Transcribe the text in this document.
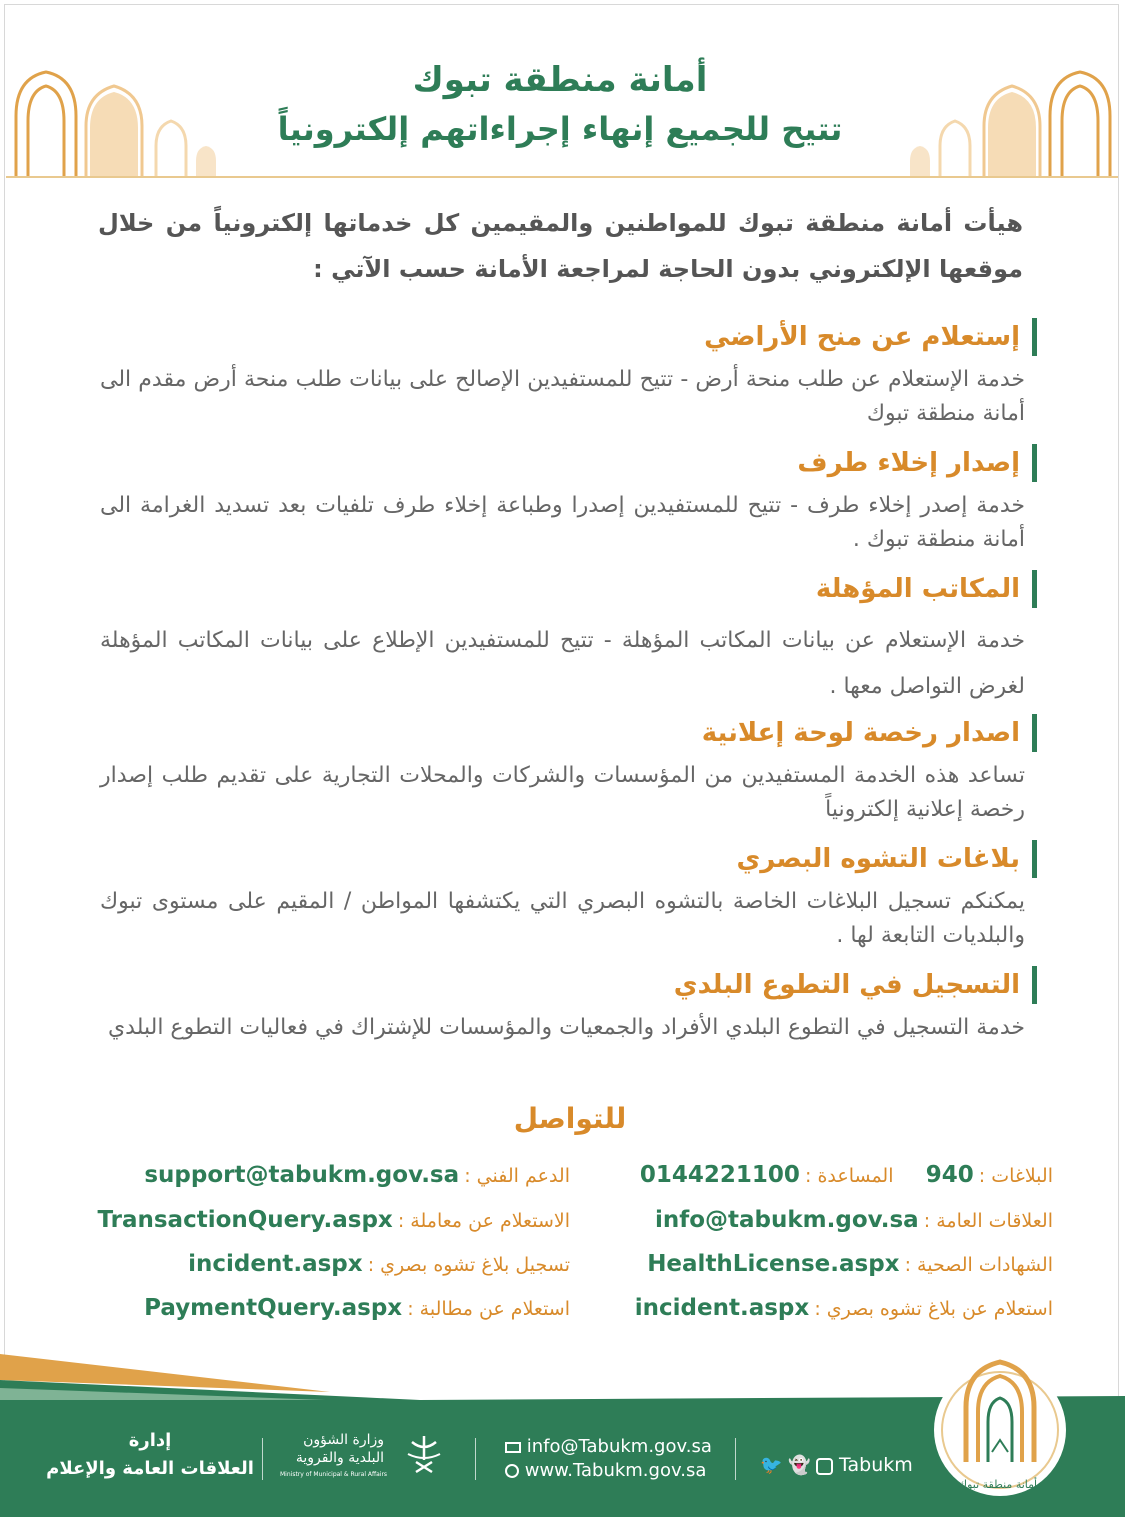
أمانة منطقة تبوك
تتيح للجميع إنهاء إجراءاتهم إلكترونياً
هيأت أمانة منطقة تبوك للمواطنين والمقيمين كل خدماتها إلكترونياً من خلال موقعها الإلكتروني بدون الحاجة لمراجعة الأمانة حسب الآتي :
إستعلام عن منح الأراضي
خدمة الإستعلام عن طلب منحة أرض - تتيح للمستفيدين الإصالح على بيانات طلب منحة أرض مقدم الى أمانة منطقة تبوك
إصدار إخلاء طرف
خدمة إصدر إخلاء طرف - تتيح للمستفيدين إصدرا وطباعة إخلاء طرف تلفيات بعد تسديد الغرامة الى أمانة منطقة تبوك .
المكاتب المؤهلة
خدمة الإستعلام عن بيانات المكاتب المؤهلة - تتيح للمستفيدين الإطلاع على بيانات المكاتب المؤهلة لغرض التواصل معها .
اصدار رخصة لوحة إعلانية
تساعد هذه الخدمة المستفيدين من المؤسسات والشركات والمحلات التجارية على تقديم طلب إصدار رخصة إعلانية إلكترونياً
بلاغات التشوه البصري
يمكنكم تسجيل البلاغات الخاصة بالتشوه البصري التي يكتشفها المواطن / المقيم على مستوى تبوك والبلديات التابعة لها .
التسجيل في التطوع البلدي
خدمة التسجيل في التطوع البلدي الأفراد والجمعيات والمؤسسات للإشتراك في فعاليات التطوع البلدي
للتواصل
البلاغات : 940  المساعدة : 0144221100
العلاقات العامة : info@tabukm.gov.sa
الشهادات الصحية : HealthLicense.aspx
استعلام عن بلاغ تشوه بصري : incident.aspx
الدعم الفني : support@tabukm.gov.sa
الاستعلام عن معاملة : TransactionQuery.aspx
تسجيل بلاغ تشوه بصري : incident.aspx
استعلام عن مطالبة : PaymentQuery.aspx
أمانة منطقة تبوك
🐦 👻 Tabukm
info@Tabukm.gov.sa
www.Tabukm.gov.sa
وزارة الشؤون
البلدية والقروية
Ministry of Municipal & Rural Affairs
إدارة
العلاقات العامة والإعلام
